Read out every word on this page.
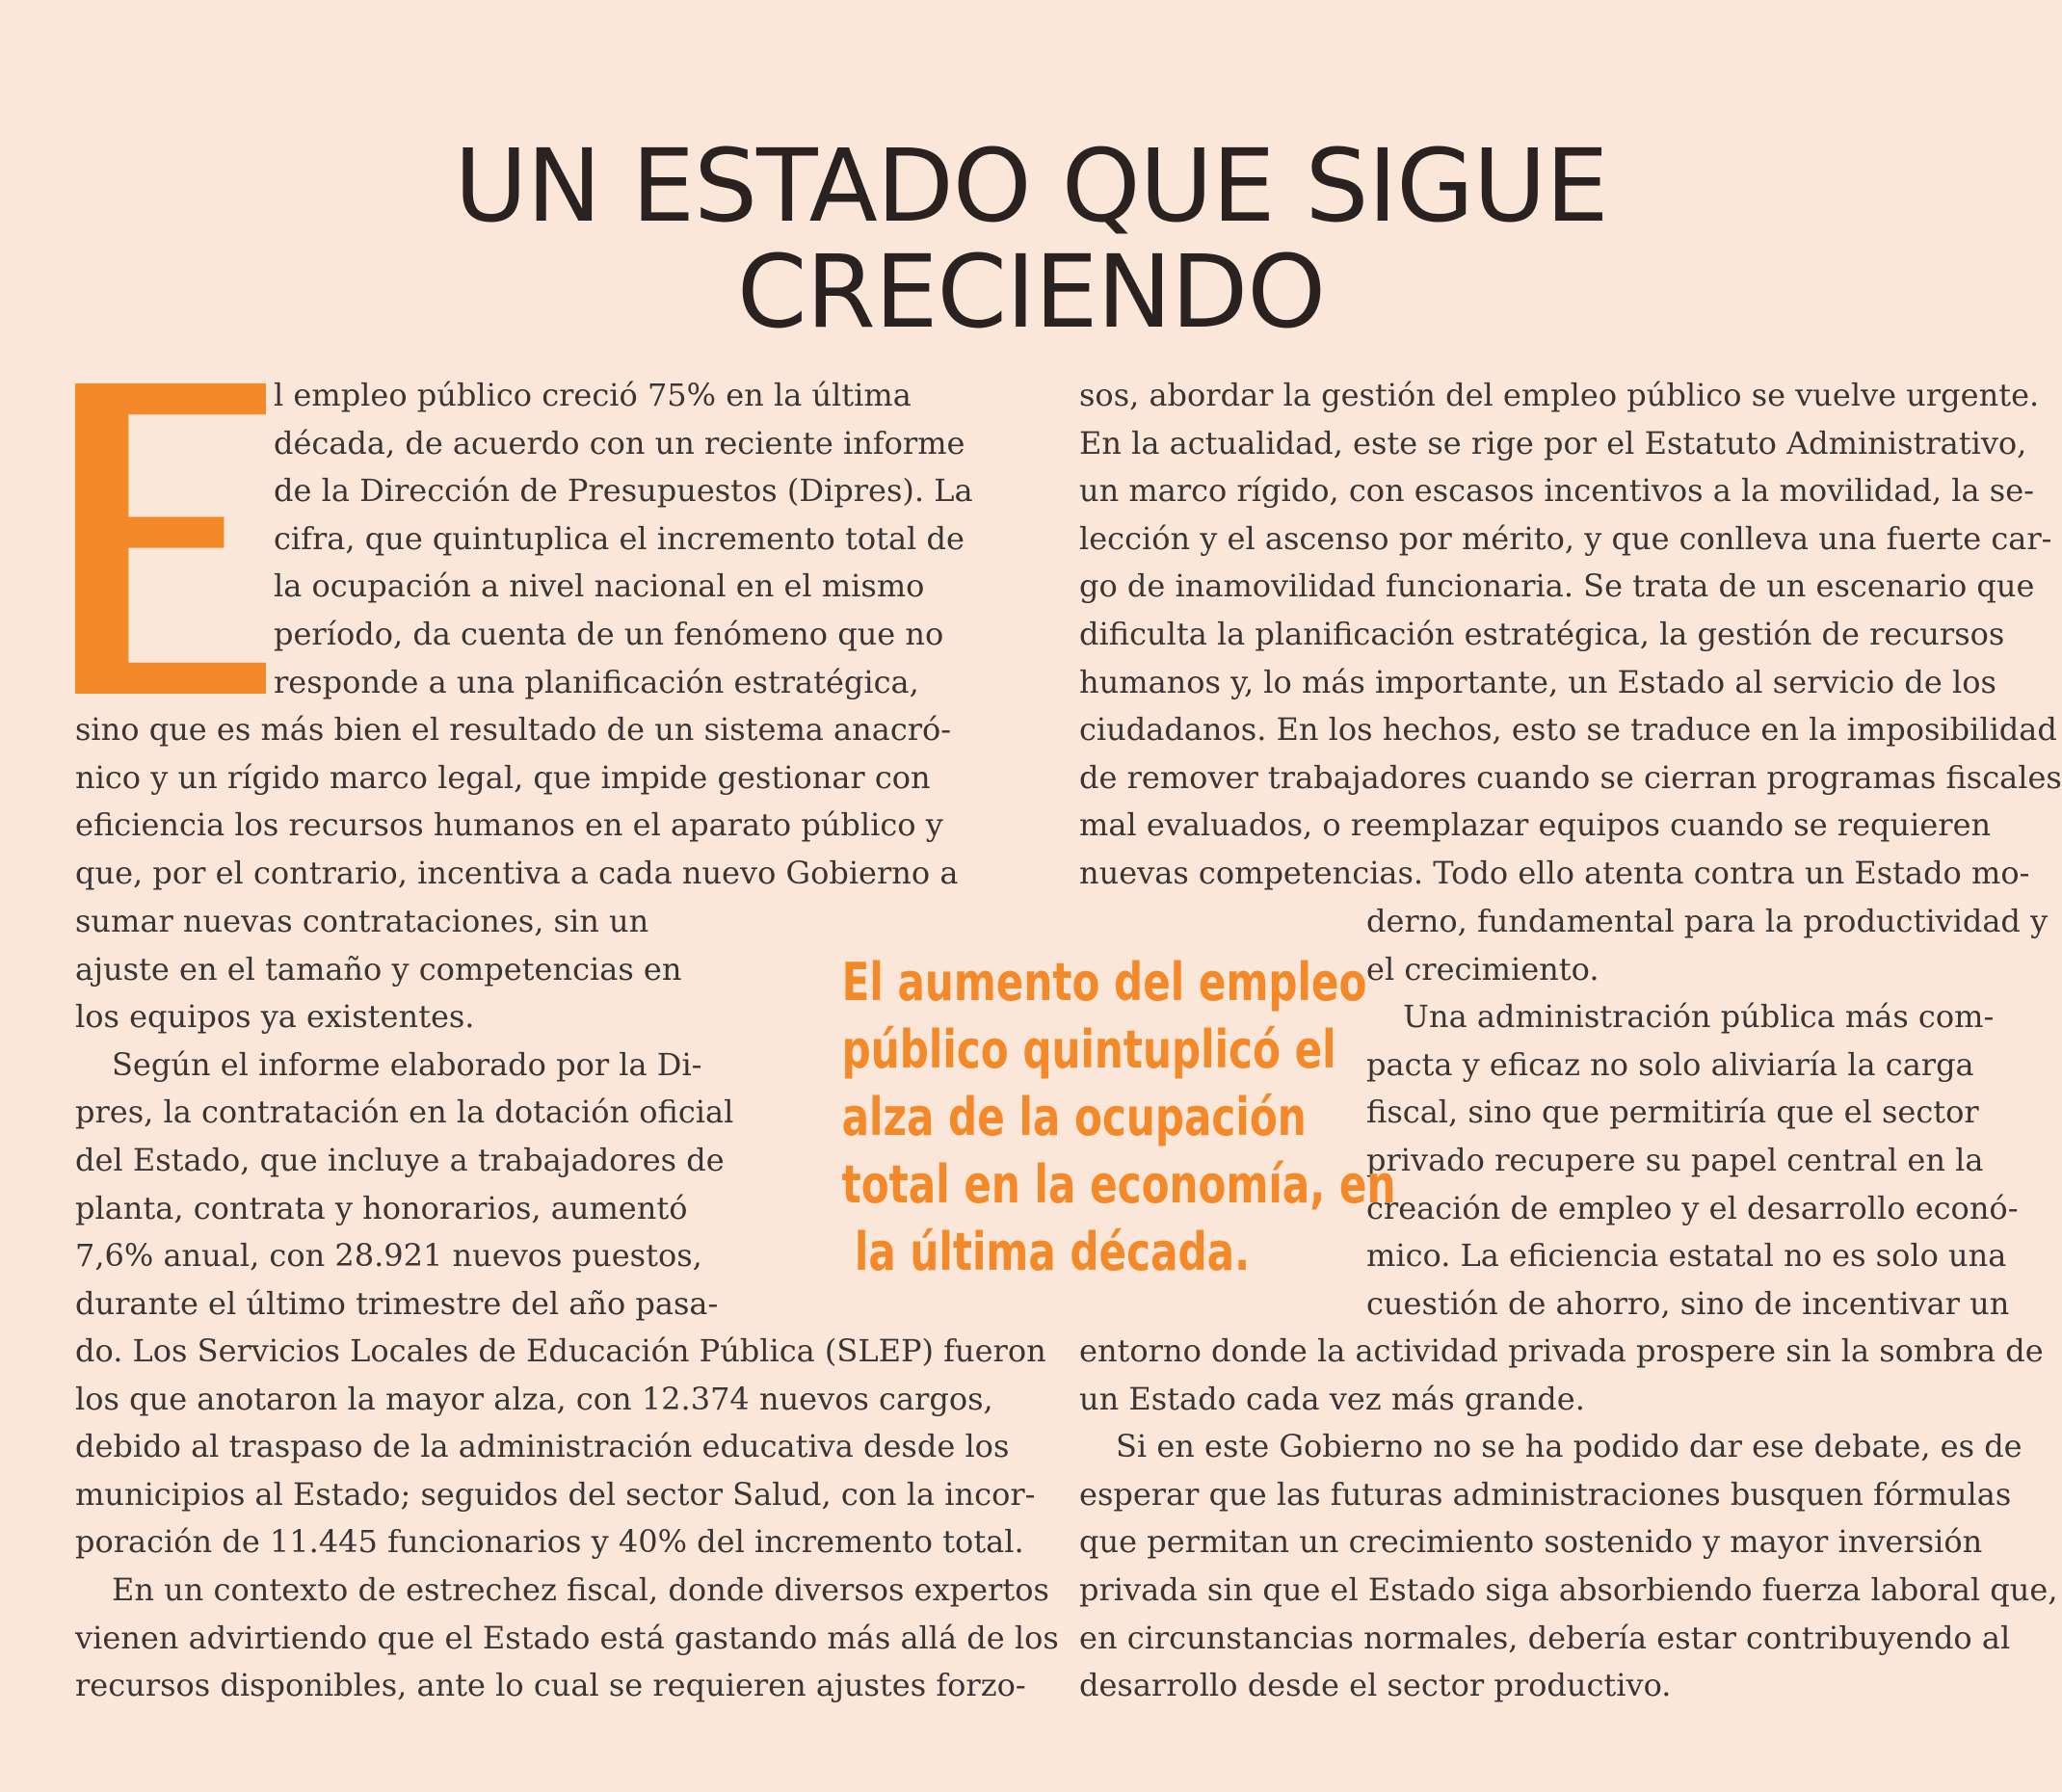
UN ESTADO QUE SIGUE
CRECIENDO
l empleo público creció 75% en la última
década, de acuerdo con un reciente informe
de la Dirección de Presupuestos (Dipres). La
cifra, que quintuplica el incremento total de
la ocupación a nivel nacional en el mismo
período, da cuenta de un fenómeno que no
responde a una planificación estratégica,
sino que es más bien el resultado de un sistema anacró-
nico y un rígido marco legal, que impide gestionar con
eficiencia los recursos humanos en el aparato público y
que, por el contrario, incentiva a cada nuevo Gobierno a
sumar nuevas contrataciones, sin un
ajuste en el tamaño y competencias en
los equipos ya existentes.
Según el informe elaborado por la Di-
pres, la contratación en la dotación oficial
del Estado, que incluye a trabajadores de
planta, contrata y honorarios, aumentó
7,6% anual, con 28.921 nuevos puestos,
durante el último trimestre del año pasa-
do. Los Servicios Locales de Educación Pública (SLEP) fueron
los que anotaron la mayor alza, con 12.374 nuevos cargos,
debido al traspaso de la administración educativa desde los
municipios al Estado; seguidos del sector Salud, con la incor-
poración de 11.445 funcionarios y 40% del incremento total.
En un contexto de estrechez fiscal, donde diversos expertos
vienen advirtiendo que el Estado está gastando más allá de los
recursos disponibles, ante lo cual se requieren ajustes forzo-
sos, abordar la gestión del empleo público se vuelve urgente.
En la actualidad, este se rige por el Estatuto Administrativo,
un marco rígido, con escasos incentivos a la movilidad, la se-
lección y el ascenso por mérito, y que conlleva una fuerte car-
go de inamovilidad funcionaria. Se trata de un escenario que
dificulta la planificación estratégica, la gestión de recursos
humanos y, lo más importante, un Estado al servicio de los
ciudadanos. En los hechos, esto se traduce en la imposibilidad
de remover trabajadores cuando se cierran programas fiscales
mal evaluados, o reemplazar equipos cuando se requieren
nuevas competencias. Todo ello atenta contra un Estado mo-
derno, fundamental para la productividad y
el crecimiento.
Una administración pública más com-
pacta y eficaz no solo aliviaría la carga
fiscal, sino que permitiría que el sector
privado recupere su papel central en la
creación de empleo y el desarrollo econó-
mico. La eficiencia estatal no es solo una
cuestión de ahorro, sino de incentivar un
entorno donde la actividad privada prospere sin la sombra de
un Estado cada vez más grande.
Si en este Gobierno no se ha podido dar ese debate, es de
esperar que las futuras administraciones busquen fórmulas
que permitan un crecimiento sostenido y mayor inversión
privada sin que el Estado siga absorbiendo fuerza laboral que,
en circunstancias normales, debería estar contribuyendo al
desarrollo desde el sector productivo.
El aumento del empleo
público quintuplicó el
alza de la ocupación
total en la economía, en
la última década.
